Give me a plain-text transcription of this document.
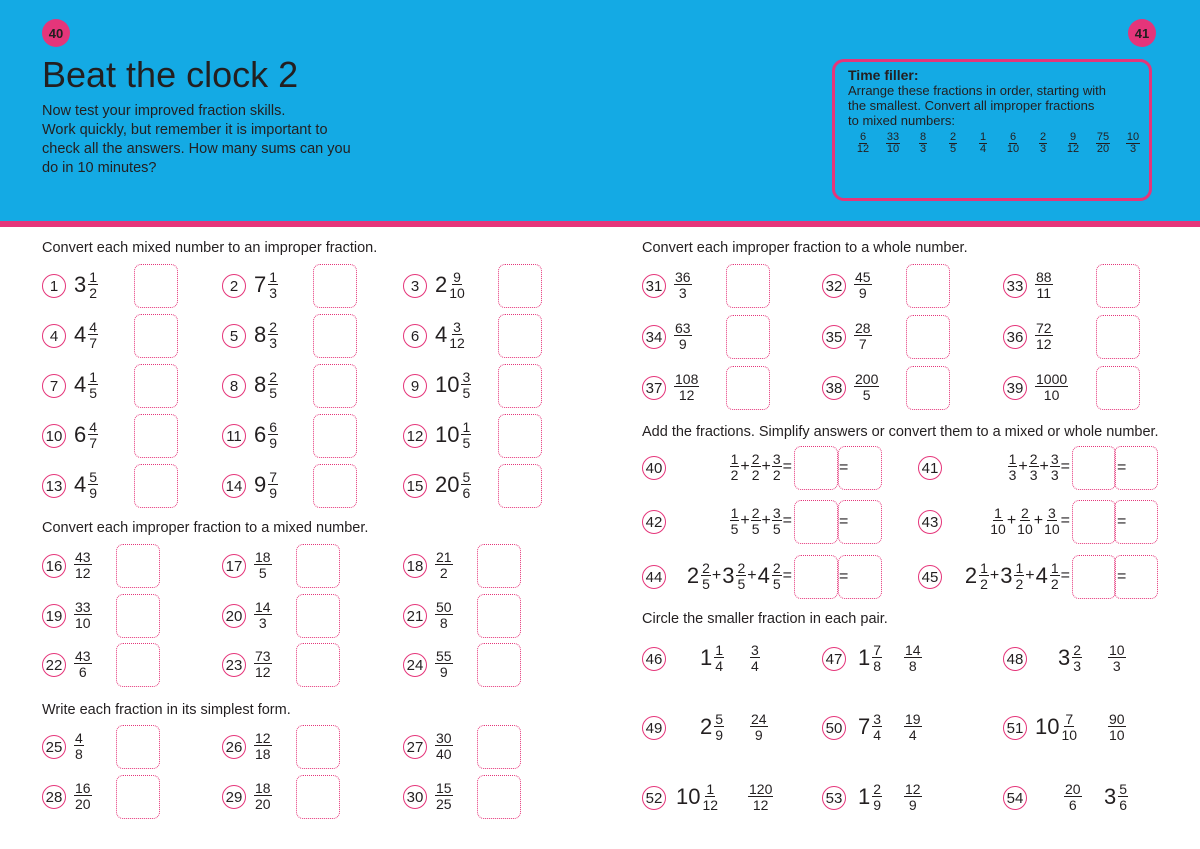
40	41
Beat the clock 2
Now test your improved fraction skills.
Work quickly, but remember it is important to
check all the answers. How many sums can you
do in 10 minutes?
Time filler:
Arrange these fractions in order, starting with
the smallest. Convert all improper fractions
to mixed numbers:
$\frac{6}{12} \frac{33}{10} \frac{8}{3} \frac{2}{5} \frac{1}{4} \frac{6}{10} \frac{2}{3} \frac{9}{12} \frac{75}{20} \frac{10}{3}$
Convert each mixed number to an improper fraction.
Convert each improper fraction to a mixed number.
Write each fraction in its simplest form.
Convert each improper fraction to a whole number.
Add the fractions. Simplify answers or convert them to a mixed or whole number.
Circle the smaller fraction in each pair.
1 $3 \frac{1}{2}$	2 $7 \frac{1}{3}$	3 $2 \frac{9}{10}$
4 $4 \frac{4}{7}$	5 $8 \frac{2}{3}$	6 $4 \frac{3}{12}$
7 $4 \frac{1}{5}$	8 $8 \frac{2}{5}$	9 $10 \frac{3}{5}$
10 $6 \frac{4}{7}$	11 $6 \frac{6}{9}$	12 $10 \frac{1}{5}$
13 $4 \frac{5}{9}$	14 $9 \frac{7}{9}$	15 $20 \frac{5}{6}$
$16 \frac{43}{12}$	$17 \frac{18}{5}$	$18 \frac{21}{2}$
$19 \frac{33}{10}$	$20 \frac{14}{3}$	$21 \frac{50}{8}$
$22 \frac{43}{6}$	$23 \frac{73}{12}$	$24 \frac{55}{9}$
$25 \frac{4}{8}$	$26 \frac{12}{18}$	$27 \frac{30}{40}$
$28 \frac{16}{20}$	$29 \frac{18}{20}$	$30 \frac{15}{25}$
$31 \frac{36}{3}$	$32 \frac{45}{9}$	$33 \frac{88}{11}$
$34 \frac{63}{9}$	$35 \frac{28}{7}$	$36 \frac{72}{12}$
$37 \frac{108}{12}$	$38 \frac{200}{5}$	$39 \frac{1000}{10}$
40	$\frac{1}{2} + \frac{2}{2} + \frac{3}{2}$ =	=	41	$\frac{1}{3} + \frac{2}{3} + \frac{3}{3}$ =	=
42	$\frac{1}{5} + \frac{2}{5} + \frac{3}{5}$ =	=	43	$\frac{1}{10} + \frac{2}{10} + \frac{3}{10}$ =	=
44 $2 \frac{2}{5} + 3 \frac{2}{5} + 4 \frac{2}{5}$ =	=	45 $2 \frac{1}{2} + 3 \frac{1}{2} + 4 \frac{1}{2}$ =	=
46 $1 \frac{1}{4} \frac{3}{4}$	47 $1 \frac{7}{8} \frac{14}{8}$	48 $3 \frac{2}{3} \frac{10}{3}$
49 $2 \frac{5}{9} \frac{24}{9}$	50 $7 \frac{3}{4} \frac{19}{4}$	51 $10 \frac{7}{10} \frac{90}{10}$
52 $10 \frac{1}{12} \frac{120}{12}$	53 $1 \frac{2}{9} \frac{12}{9}$	54	$\frac{20}{6} 3 \frac{5}{6}$
